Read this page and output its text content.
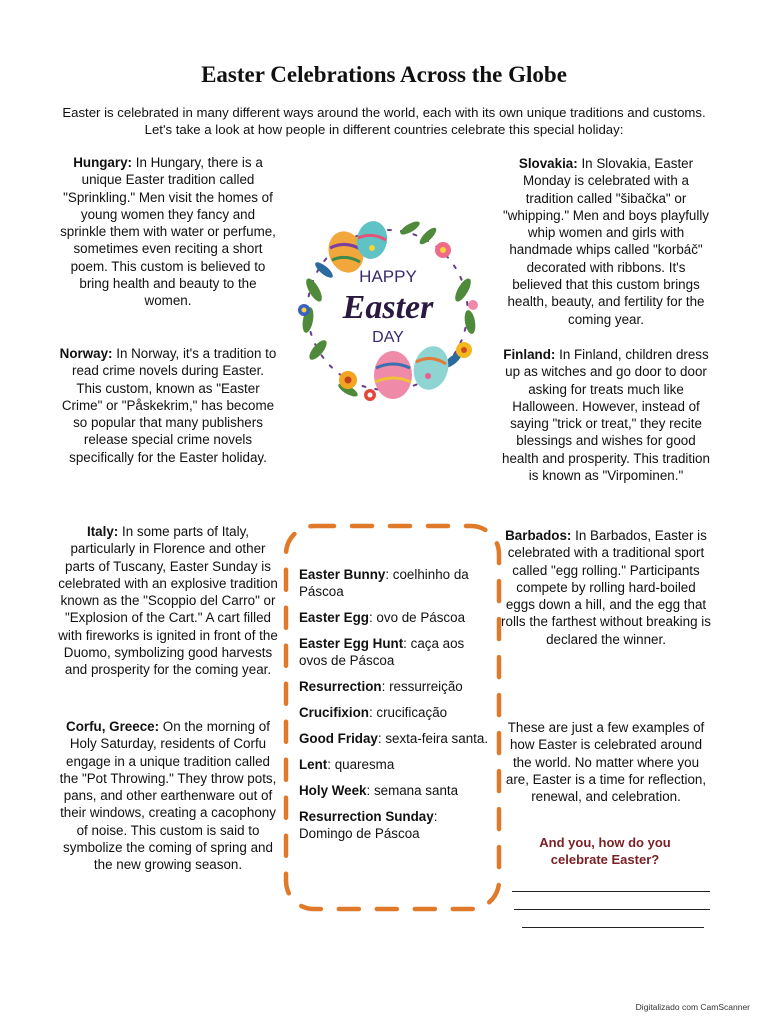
Easter Celebrations Across the Globe
Easter is celebrated in many different ways around the world, each with its own unique traditions and customs. Let's take a look at how people in different countries celebrate this special holiday:
Hungary: In Hungary, there is a unique Easter tradition called "Sprinkling." Men visit the homes of young women they fancy and sprinkle them with water or perfume, sometimes even reciting a short poem. This custom is believed to bring health and beauty to the women.
Norway: In Norway, it's a tradition to read crime novels during Easter. This custom, known as "Easter Crime" or "Påskekrim," has become so popular that many publishers release special crime novels specifically for the Easter holiday.
Italy: In some parts of Italy, particularly in Florence and other parts of Tuscany, Easter Sunday is celebrated with an explosive tradition known as the "Scoppio del Carro" or "Explosion of the Cart." A cart filled with fireworks is ignited in front of the Duomo, symbolizing good harvests and prosperity for the coming year.
Corfu, Greece: On the morning of Holy Saturday, residents of Corfu engage in a unique tradition called the "Pot Throwing." They throw pots, pans, and other earthenware out of their windows, creating a cacophony of noise. This custom is said to symbolize the coming of spring and the new growing season.
Slovakia: In Slovakia, Easter Monday is celebrated with a tradition called "šibačka" or "whipping." Men and boys playfully whip women and girls with handmade whips called "korbáč" decorated with ribbons. It's believed that this custom brings health, beauty, and fertility for the coming year.
Finland: In Finland, children dress up as witches and go door to door asking for treats much like Halloween. However, instead of saying "trick or treat," they recite blessings and wishes for good health and prosperity. This tradition is known as "Virpominen."
Barbados: In Barbados, Easter is celebrated with a traditional sport called "egg rolling." Participants compete by rolling hard-boiled eggs down a hill, and the egg that rolls the farthest without breaking is declared the winner.
These are just a few examples of how Easter is celebrated around the world. No matter where you are, Easter is a time for reflection, renewal, and celebration.
And you, how do you celebrate Easter?
HAPPY
Easter
DAY
Easter Bunny: coelhinho da Páscoa
Easter Egg: ovo de Páscoa
Easter Egg Hunt: caça aos ovos de Páscoa
Resurrection: ressurreição
Crucifixion: crucificação
Good Friday: sexta-feira santa.
Lent: quaresma
Holy Week: semana santa
Resurrection Sunday: Domingo de Páscoa
Digitalizado com CamScanner
